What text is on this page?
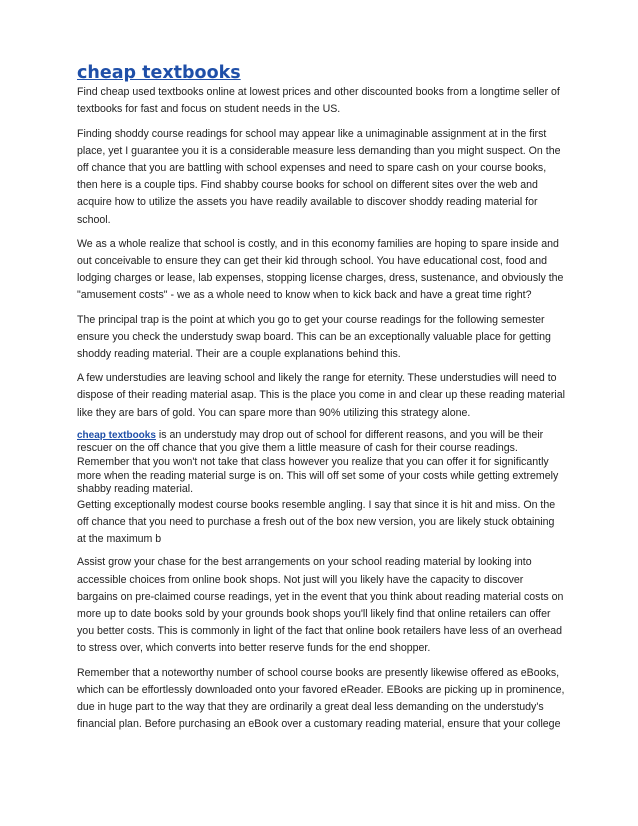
cheap textbooks

Find cheap used textbooks online at lowest prices and other discounted books from a longtime seller of textbooks for fast and focus on student needs in the US.

Finding shoddy course readings for school may appear like a unimaginable assignment at in the first place, yet I guarantee you it is a considerable measure less demanding than you might suspect. On the off chance that you are battling with school expenses and need to spare cash on your course books, then here is a couple tips. Find shabby course books for school on different sites over the web and acquire how to utilize the assets you have readily available to discover shoddy reading material for school.

We as a whole realize that school is costly, and in this economy families are hoping to spare inside and out conceivable to ensure they can get their kid through school. You have educational cost, food and lodging charges or lease, lab expenses, stopping license charges, dress, sustenance, and obviously the "amusement costs" - we as a whole need to know when to kick back and have a great time right?

The principal trap is the point at which you go to get your course readings for the following semester ensure you check the understudy swap board. This can be an exceptionally valuable place for getting shoddy reading material. Their are a couple explanations behind this.

A few understudies are leaving school and likely the range for eternity. These understudies will need to dispose of their reading material asap. This is the place you come in and clear up these reading material like they are bars of gold. You can spare more than 90% utilizing this strategy alone.

cheap textbooks is an understudy may drop out of school for different reasons, and you will be their rescuer on the off chance that you give them a little measure of cash for their course readings.

Remember that you won't not take that class however you realize that you can offer it for significantly more when the reading material surge is on. This will off set some of your costs while getting extremely shabby reading material.

Getting exceptionally modest course books resemble angling. I say that since it is hit and miss. On the off chance that you need to purchase a fresh out of the box new version, you are likely stuck obtaining at the maximum b

Assist grow your chase for the best arrangements on your school reading material by looking into accessible choices from online book shops. Not just will you likely have the capacity to discover bargains on pre-claimed course readings, yet in the event that you think about reading material costs on more up to date books sold by your grounds book shops you'll likely find that online retailers can offer you better costs. This is commonly in light of the fact that online book retailers have less of an overhead to stress over, which converts into better reserve funds for the end shopper.

Remember that a noteworthy number of school course books are presently likewise offered as eBooks, which can be effortlessly downloaded onto your favored eReader. EBooks are picking up in prominence, due in huge part to the way that they are ordinarily a great deal less demanding on the understudy's financial plan. Before purchasing an eBook over a customary reading material, ensure that your college
